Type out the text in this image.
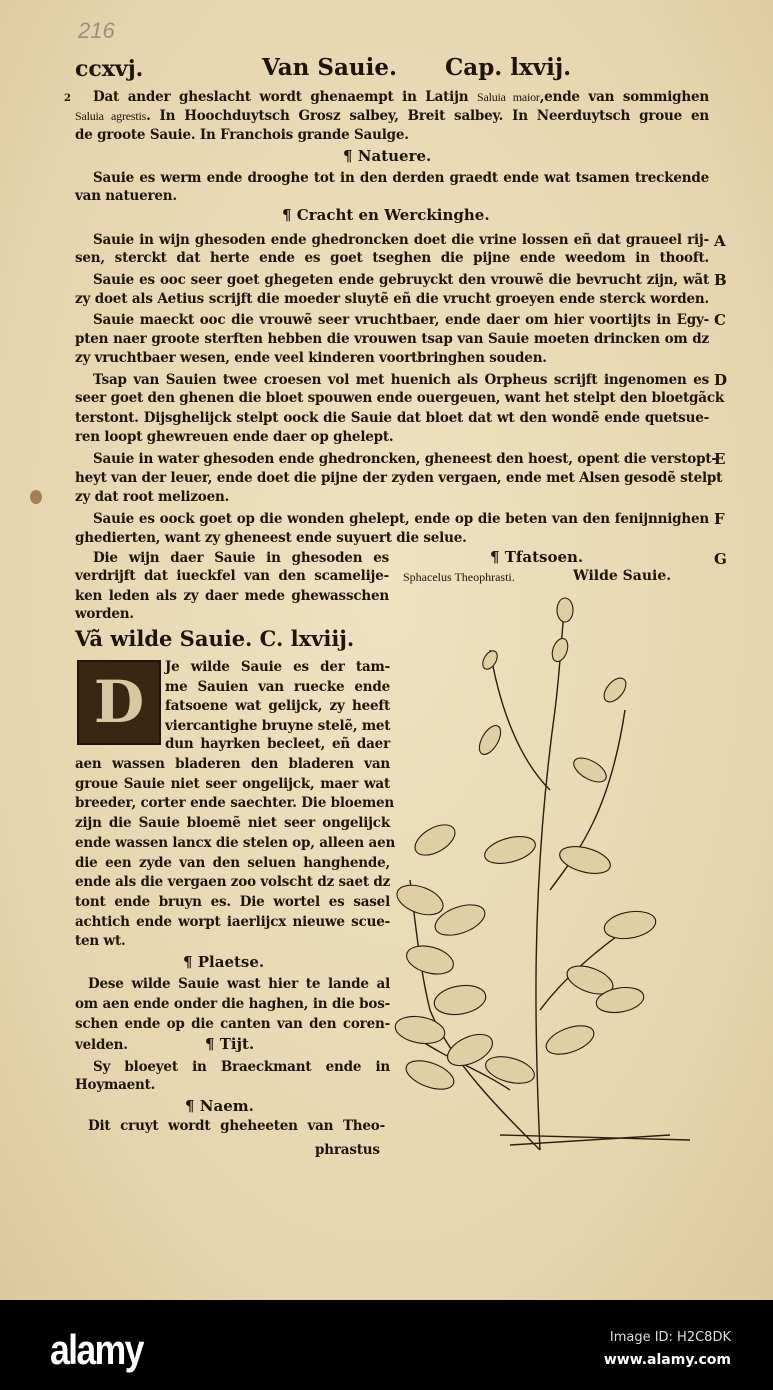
216
ccxvj.	Van Sauie. Cap. lxvij.
2 Dat ander gheslacht wordt ghenaempt in Latijn Saluia maior,ende van sommighen
Saluia agrestis. In Hoochduytsch Grosz salbey, Breit salbey. In Neerduytsch groue en
de groote Sauie. In Franchois grande Saulge.
¶ Natuere.
Sauie es werm ende drooghe tot in den derden graedt ende wat tsamen treckende
van natueren.
¶ Cracht en Werckinghe.
Sauie in wijn ghesoden ende ghedroncken doet die vrine lossen eñ dat graueel rij-
sen, sterckt dat herte ende es goet tseghen die pijne ende weedom in thooft.
Sauie es ooc seer goet ghegeten ende gebruyckt den vrouwẽ die bevrucht zijn, wãt
zy doet als Aetius scrijft die moeder sluytẽ eñ die vrucht groeyen ende sterck worden.
Sauie maeckt ooc die vrouwẽ seer vruchtbaer, ende daer om hier voortijts in Egy-
pten naer groote sterften hebben die vrouwen tsap van Sauie moeten drincken om dz
zy vruchtbaer wesen, ende veel kinderen voortbringhen souden.
Tsap van Sauien twee croesen vol met huenich als Orpheus scrijft ingenomen es
seer goet den ghenen die bloet spouwen ende ouergeuen, want het stelpt den bloetgãck
terstont. Dijsghelijck stelpt oock die Sauie dat bloet dat wt den wondẽ ende quetsue-
ren loopt ghewreuen ende daer op ghelept.
Sauie in water ghesoden ende ghedroncken, gheneest den hoest, opent die verstopt-
heyt van der leuer, ende doet die pijne der zyden vergaen, ende met Alsen gesodẽ stelpt
zy dat root melizoen.
Sauie es oock goet op die wonden ghelept, ende op die beten van den fenijnnighen
ghedierten, want zy gheneest ende suyuert die selue.
Die wijn daer Sauie in ghesoden es
verdrijft dat iueckfel van den scamelije-
ken leden als zy daer mede ghewasschen
worden.
¶ Tfatsoen.
Sphacelus Theophrasti.	Wilde Sauie.
A
B
C
D
E
F
G
Vã wilde Sauie. C. lxviij.
D
Je wilde Sauie es der tam-
me Sauien van ruecke ende
fatsoene wat gelijck, zy heeft
viercantighe bruyne stelẽ, met
dun hayrken becleet, eñ daer
aen wassen bladeren den bladeren van
groue Sauie niet seer ongelijck, maer wat
breeder, corter ende saechter. Die bloemen
zijn die Sauie bloemẽ niet seer ongelijck
ende wassen lancx die stelen op, alleen aen
die een zyde van den seluen hanghende,
ende als die vergaen zoo volscht dz saet dz
tont ende bruyn es. Die wortel es sasel
achtich ende worpt iaerlijcx nieuwe scue-
ten wt.
¶ Plaetse.
Dese wilde Sauie wast hier te lande al
om aen ende onder die haghen, in die bos-
schen ende op die canten van den coren-
velden.	¶ Tijt.
Sy bloeyet in Braeckmant ende in
Hoymaent.
¶ Naem.
Dit cruyt wordt gheheeten van Theo-
phrastus
alamy	Image ID: H2C8DK
www.alamy.com
